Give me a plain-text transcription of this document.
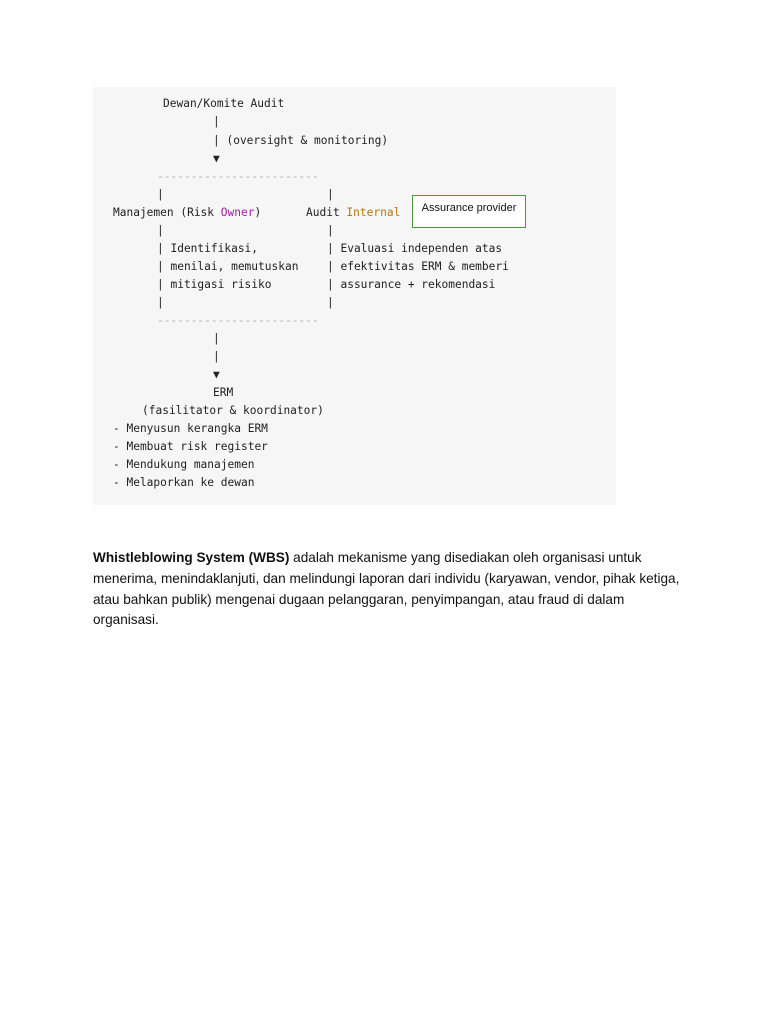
Dewan/Komite Audit
|
| (oversight & monitoring)
▼
------------------------
|	|
Manajemen (Risk Owner)	Audit Internal	Assurance provider
|	|
| Identifikasi,
| menilai, memutuskan
| mitigasi risiko
|
| Evaluasi independen atas
| efektivitas ERM & memberi
| assurance + rekomendasi
|
------------------------
|
|
▼
ERM
(fasilitator & koordinator)
- Menyusun kerangka ERM
- Membuat risk register
- Mendukung manajemen
- Melaporkan ke dewan
Whistleblowing System (WBS) adalah mekanisme yang disediakan oleh organisasi untuk menerima, menindaklanjuti, dan melindungi laporan dari individu (karyawan, vendor, pihak ketiga, atau bahkan publik) mengenai dugaan pelanggaran, penyimpangan, atau fraud di dalam organisasi.
